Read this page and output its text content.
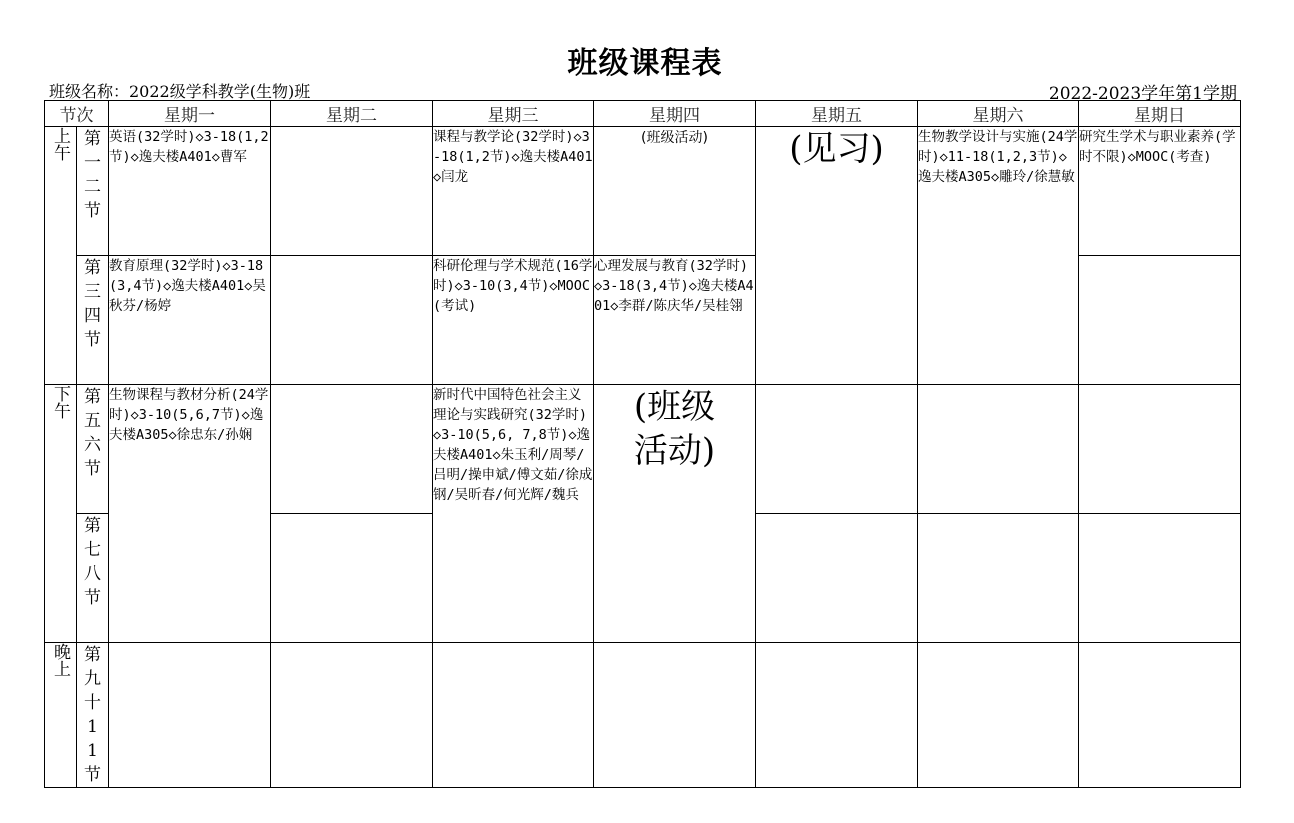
班级课程表
班级名称：2022级学科教学(生物)班	2022-2023学年第1学期
节次		星期一	星期二	星期三	星期四	星期五	星期六	星期日

上午	第一二节	英语(32学时)◇3-18(1,2节)◇逸夫楼A401◇曹军		课程与教学论(32学时)◇3-18(1,2节)◇逸夫楼A401◇闫龙	(班级活动)	(见习)	生物教学设计与实施(24学时)◇11-18(1,2,3节)◇逸夫楼A305◇雕玲/徐慧敏	研究生学术与职业素养(学时不限)◇MOOC(考查)

	第三四节	教育原理(32学时)◇3-18(3,4节)◇逸夫楼A401◇吴秋芬/杨婷		科研伦理与学术规范(16学时)◇3-10(3,4节)◇MOOC(考试)	心理发展与教育(32学时)◇3-18(3,4节)◇逸夫楼A401◇李群/陈庆华/吴桂翎			

下午	第五六节	生物课程与教材分析(24学时)◇3-10(5,6,7节)◇逸夫楼A305◇徐忠东/孙娴		新时代中国特色社会主义理论与实践研究(32学时)◇3-10(5,6, 7,8节)◇逸夫楼A401◇朱玉利/周琴/吕明/操申斌/傅文茹/徐成钢/吴昕春/何光辉/魏兵	(班级活动)			

	第七八节							

晚上	第九十11节							
